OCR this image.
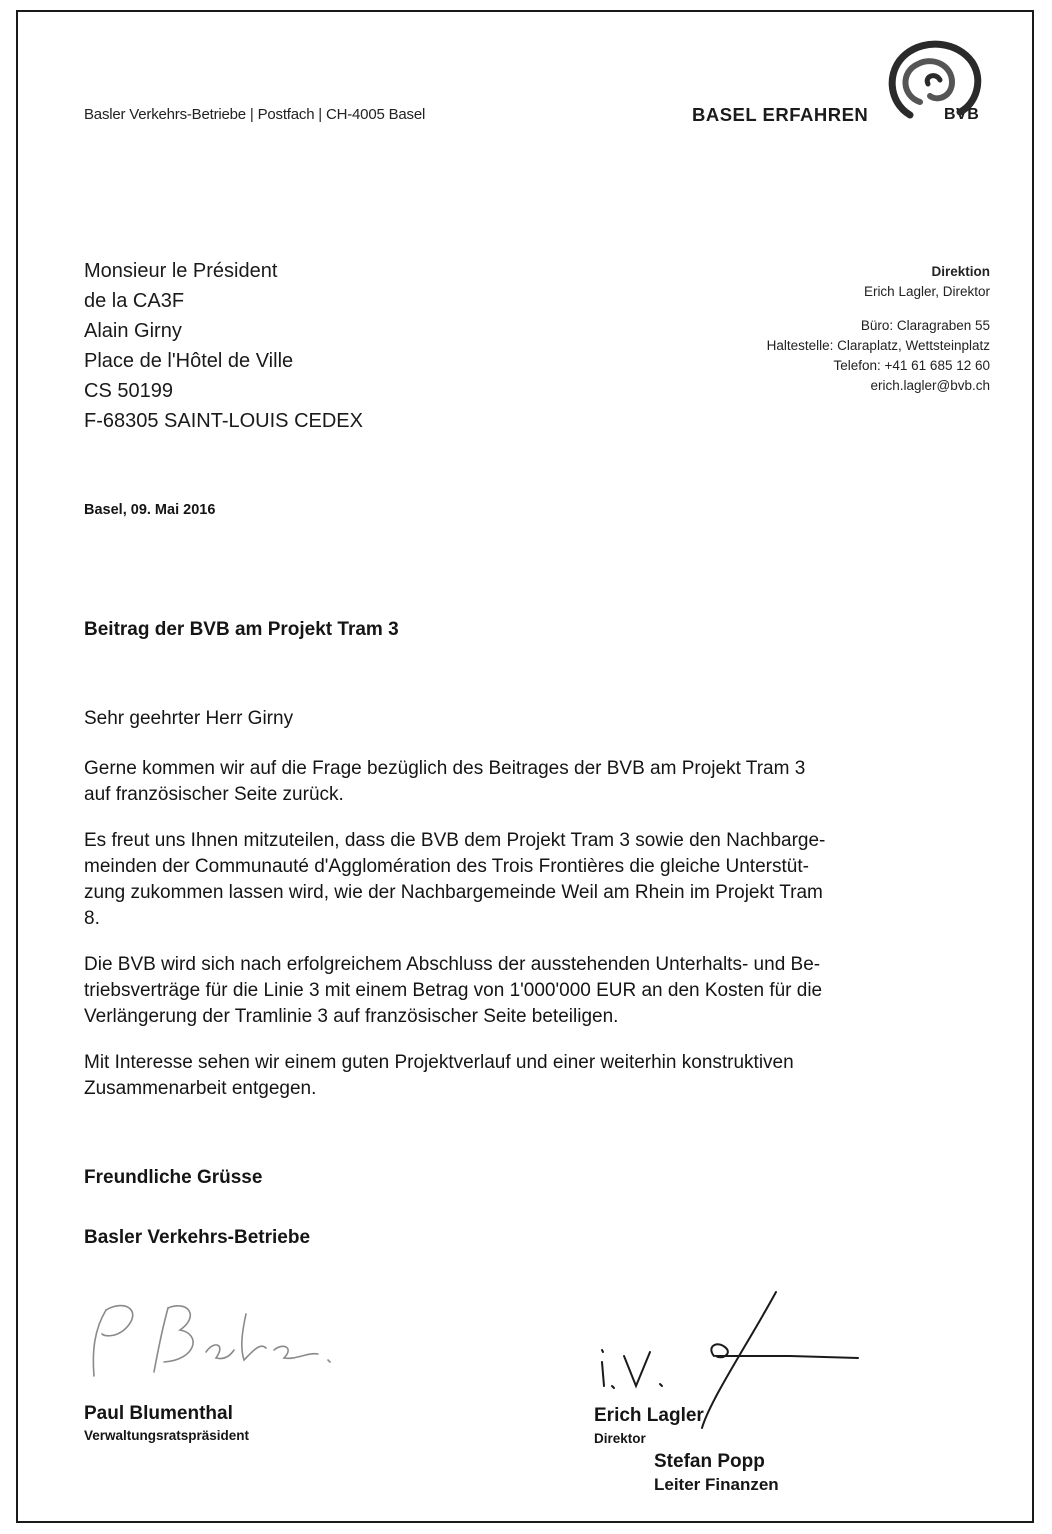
Basler Verkehrs-Betriebe | Postfach | CH-4005 Basel	BASEL ERFAHREN	BVB
Monsieur le Président
de la CA3F
Alain Girny
Place de l'Hôtel de Ville
CS 50199
F-68305 SAINT-LOUIS CEDEX
Direktion
Erich Lagler, Direktor
Büro: Claragraben 55
Haltestelle: Claraplatz, Wettsteinplatz
Telefon: +41 61 685 12 60
erich.lagler@bvb.ch
Basel, 09. Mai 2016
Beitrag der BVB am Projekt Tram 3

Sehr geehrter Herr Girny

Gerne kommen wir auf die Frage bezüglich des Beitrages der BVB am Projekt Tram 3
auf französischer Seite zurück.

Es freut uns Ihnen mitzuteilen, dass die BVB dem Projekt Tram 3 sowie den Nachbarge-
meinden der Communauté d'Agglomération des Trois Frontières die gleiche Unterstüt-
zung zukommen lassen wird, wie der Nachbargemeinde Weil am Rhein im Projekt Tram
8.

Die BVB wird sich nach erfolgreichem Abschluss der ausstehenden Unterhalts- und Be-
triebsverträge für die Linie 3 mit einem Betrag von 1'000'000 EUR an den Kosten für die
Verlängerung der Tramlinie 3 auf französischer Seite beteiligen.

Mit Interesse sehen wir einem guten Projektverlauf und einer weiterhin konstruktiven
Zusammenarbeit entgegen.

Freundliche Grüsse
Basler Verkehrs-Betriebe
Paul Blumenthal
Verwaltungsratspräsident
Erich Lagler
Direktor
Stefan Popp
Leiter Finanzen
